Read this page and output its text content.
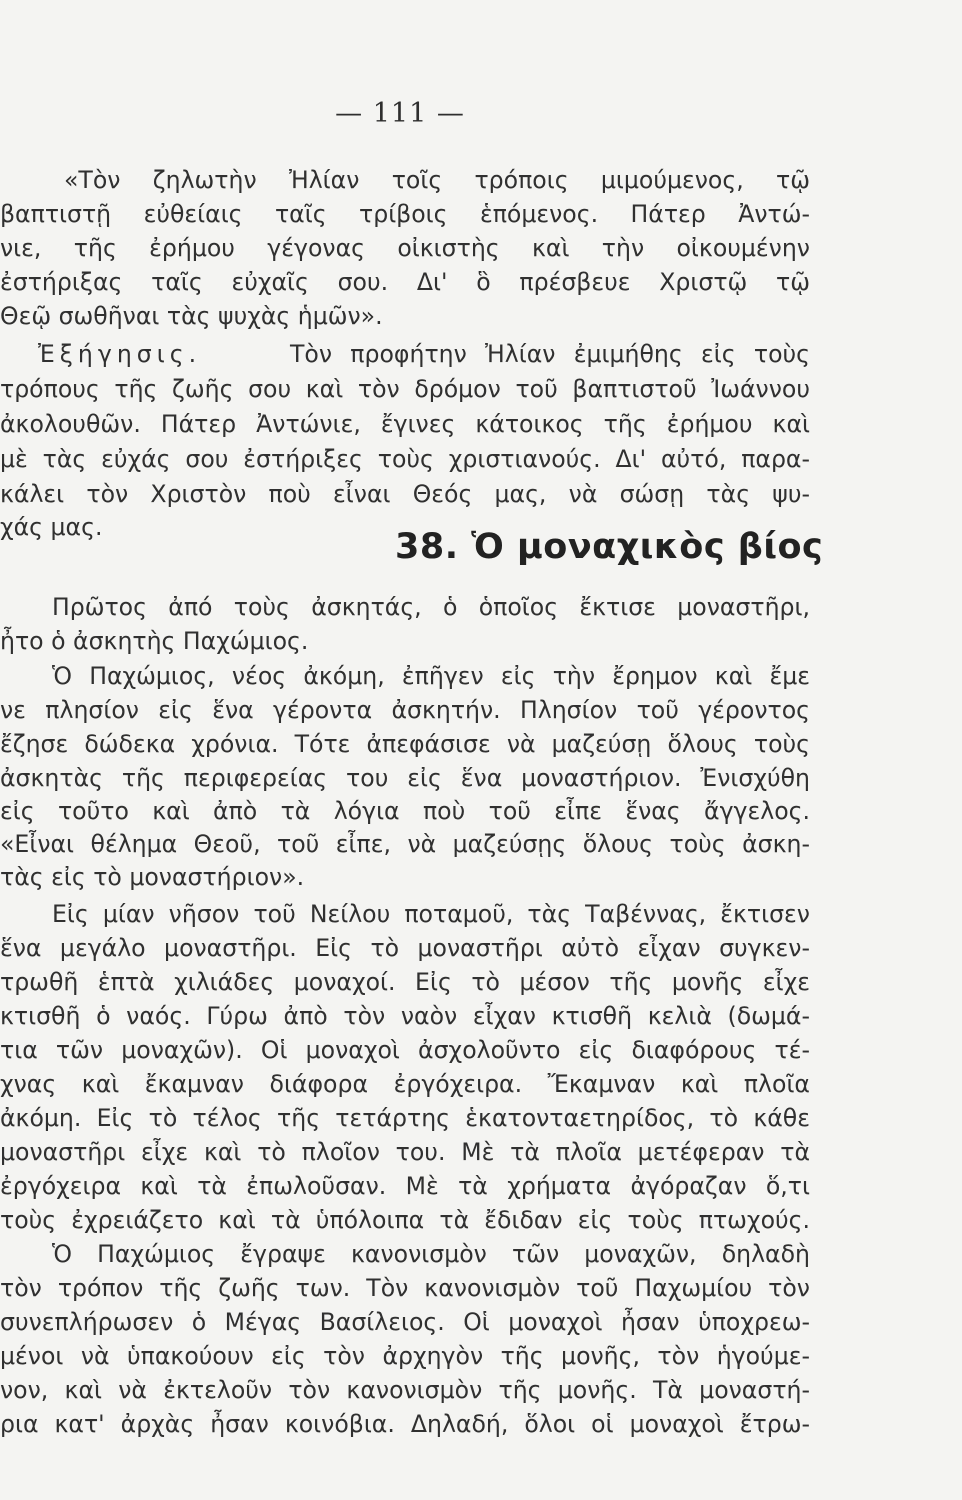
— 111 —
«Τὸν ζηλωτὴν Ἠλίαν τοῖς τρόποις μιμούμενος, τῷ
βαπτιστῇ εὐθείαις ταῖς τρίβοις ἑπόμενος. Πάτερ Ἀντώ-
νιε, τῆς ἐρήμου γέγονας οἰκιστὴς καὶ τὴν οἰκουμένην
ἐστήριξας ταῖς εὐχαῖς σου. Δι' ὃ πρέσβευε Χριστῷ τῷ
Θεῷ σωθῆναι τὰς ψυχὰς ἡμῶν».
Ἐξήγησις.	Τὸν προφήτην Ἠλίαν ἐμιμήθης εἰς τοὺς
τρόπους τῆς ζωῆς σου καὶ τὸν δρόμον τοῦ βαπτιστοῦ Ἰωάννου
ἀκολουθῶν. Πάτερ Ἀντώνιε, ἔγινες κάτοικος τῆς ἐρήμου καὶ
μὲ τὰς εὐχάς σου ἐστήριξες τοὺς χριστιανούς. Δι' αὐτό, παρα-
κάλει τὸν Χριστὸν ποὺ εἶναι Θεός μας, νὰ σώσῃ τὰς ψυ-
χάς μας.	38. Ὁ μοναχικὸς βίος
Πρῶτος ἀπό τοὺς ἀσκητάς, ὁ ὁποῖος ἔκτισε μοναστῆρι,
ἦτο ὁ ἀσκητὴς Παχώμιος.
Ὁ Παχώμιος, νέος ἀκόμη, ἐπῆγεν εἰς τὴν ἔρημον καὶ ἔμε
νε πλησίον εἰς ἕνα γέροντα ἀσκητήν. Πλησίον τοῦ γέροντος
ἔζησε δώδεκα χρόνια. Τότε ἀπεφάσισε νὰ μαζεύσῃ ὅλους τοὺς
ἀσκητὰς τῆς περιφερείας του εἰς ἕνα μοναστήριον. Ἐνισχύθη
εἰς τοῦτο καὶ ἀπὸ τὰ λόγια ποὺ τοῦ εἶπε ἕνας ἄγγελος.
«Εἶναι θέλημα Θεοῦ, τοῦ εἶπε, νὰ μαζεύσῃς ὅλους τοὺς ἀσκη-
τὰς εἰς τὸ μοναστήριον».
Εἰς μίαν νῆσον τοῦ Νείλου ποταμοῦ, τὰς Ταβέννας, ἔκτισεν
ἕνα μεγάλο μοναστῆρι. Εἰς τὸ μοναστῆρι αὐτὸ εἶχαν συγκεν-
τρωθῆ ἑπτὰ χιλιάδες μοναχοί. Εἰς τὸ μέσον τῆς μονῆς εἶχε
κτισθῆ ὁ ναός. Γύρω ἀπὸ τὸν ναὸν εἶχαν κτισθῆ κελιὰ (δωμά-
τια τῶν μοναχῶν). Οἱ μοναχοὶ ἀσχολοῦντο εἰς διαφόρους τέ-
χνας καὶ ἔκαμναν διάφορα ἐργόχειρα. Ἔκαμναν καὶ πλοῖα
ἀκόμη. Εἰς τὸ τέλος τῆς τετάρτης ἑκατονταετηρίδος, τὸ κάθε
μοναστῆρι εἶχε καὶ τὸ πλοῖον του. Μὲ τὰ πλοῖα μετέφεραν τὰ
ἐργόχειρα καὶ τὰ ἐπωλοῦσαν. Μὲ τὰ χρήματα ἀγόραζαν ὅ,τι
τοὺς ἐχρειάζετο καὶ τὰ ὑπόλοιπα τὰ ἔδιδαν εἰς τοὺς πτωχούς.
Ὁ Παχώμιος ἔγραψε κανονισμὸν τῶν μοναχῶν, δηλαδὴ
τὸν τρόπον τῆς ζωῆς των. Τὸν κανονισμὸν τοῦ Παχωμίου τὸν
συνεπλήρωσεν ὁ Μέγας Βασίλειος. Οἱ μοναχοὶ ἦσαν ὑποχρεω-
μένοι νὰ ὑπακούουν εἰς τὸν ἀρχηγὸν τῆς μονῆς, τὸν ἡγούμε-
νον, καὶ νὰ ἐκτελοῦν τὸν κανονισμὸν τῆς μονῆς. Τὰ μοναστή-
ρια κατ' ἀρχὰς ἦσαν κοινόβια. Δηλαδή, ὅλοι οἱ μοναχοὶ ἔτρω-
